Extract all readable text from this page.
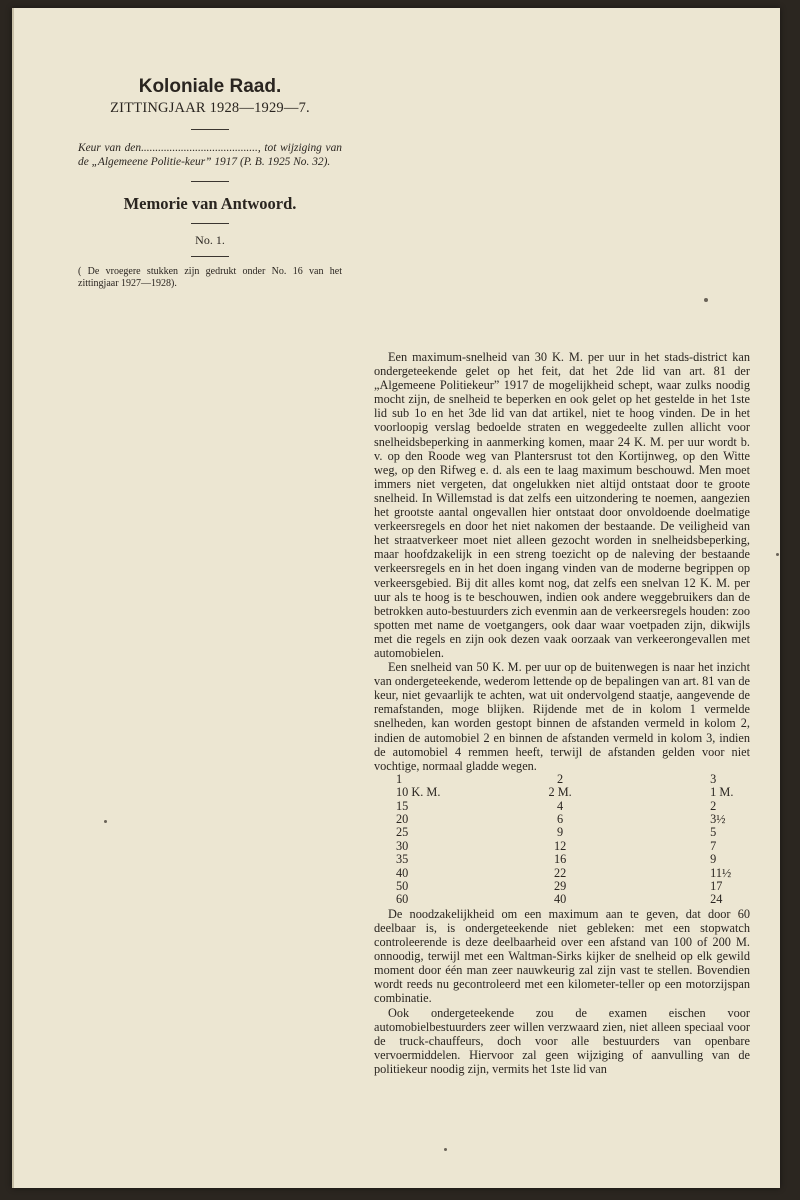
Koloniale Raad.
ZITTINGJAAR 1928—1929—7.
Keur van den........................................., tot wijziging van de „Algemeene Politie-keur” 1917 (P. B. 1925 No. 32).
Memorie van Antwoord.
No. 1.
( De vroegere stukken zijn gedrukt onder No. 16 van het zittingjaar 1927—1928).

Een maximum-snelheid van 30 K. M. per uur in het stads-district kan ondergeteekende gelet op het feit, dat het 2de lid van art. 81 der „Algemeene Politiekeur” 1917 de mogelijkheid schept, waar zulks noodig mocht zijn, de snelheid te beperken en ook gelet op het gestelde in het 1ste lid sub 1o en het 3de lid van dat artikel, niet te hoog vinden. De in het voorloopig verslag bedoelde straten en weggedeelte zullen allicht voor snelheidsbeperking in aanmerking komen, maar 24 K. M. per uur wordt b. v. op den Roode weg van Plantersrust tot den Kortijnweg, op den Witte weg, op den Rifweg e. d. als een te laag maximum beschouwd. Men moet immers niet vergeten, dat ongelukken niet altijd ontstaat door te groote snelheid. In Willemstad is dat zelfs een uitzondering te noemen, aangezien het grootste aantal ongevallen hier ontstaat door onvoldoende doelmatige verkeersregels en door het niet nakomen der bestaande. De veiligheid van het straatverkeer moet niet alleen gezocht worden in snelheidsbeperking, maar hoofdzakelijk in een streng toezicht op de naleving der bestaande verkeersregels en in het doen ingang vinden van de moderne begrippen op verkeersgebied. Bij dit alles komt nog, dat zelfs een snelvan 12 K. M. per uur als te hoog is te beschouwen, indien ook andere weggebruikers dan de betrokken auto-bestuurders zich evenmin aan de verkeersregels houden: zoo spotten met name de voetgangers, ook daar waar voetpaden zijn, dikwijls met die regels en zijn ook dezen vaak oorzaak van verkeerongevallen met automobielen.

Een snelheid van 50 K. M. per uur op de buitenwegen is naar het inzicht van ondergeteekende, wederom lettende op de bepalingen van art. 81 van de keur, niet gevaarlijk te achten, wat uit ondervolgend staatje, aangevende de remafstanden, moge blijken. Rijdende met de in kolom 1 vermelde snelheden, kan worden gestopt binnen de afstanden vermeld in kolom 2, indien de automobiel 2 en binnen de afstanden vermeld in kolom 3, indien de automobiel 4 remmen heeft, terwijl de afstanden gelden voor niet vochtige, normaal gladde wegen.

1	2	3
10 K. M.	2 M.	1 M.
15	4	2
20	6	3½
25	9	5
30	12	7
35	16	9
40	22	11½
50	29	17
60	40	24

De noodzakelijkheid om een maximum aan te geven, dat door 60 deelbaar is, is ondergeteekende niet gebleken: met een stopwatch controleerende is deze deelbaarheid over een afstand van 100 of 200 M. onnoodig, terwijl met een Waltman-Sirks kijker de snelheid op elk gewild moment door één man zeer nauwkeurig zal zijn vast te stellen. Bovendien wordt reeds nu gecontroleerd met een kilometer-teller op een motorzijspan combinatie.

Ook ondergeteekende zou de examen eischen voor automobielbestuurders zeer willen verzwaard zien, niet alleen speciaal voor de truck-chauffeurs, doch voor alle bestuurders van openbare vervoermiddelen. Hiervoor zal geen wijziging of aanvulling van de politiekeur noodig zijn, vermits het 1ste lid van
